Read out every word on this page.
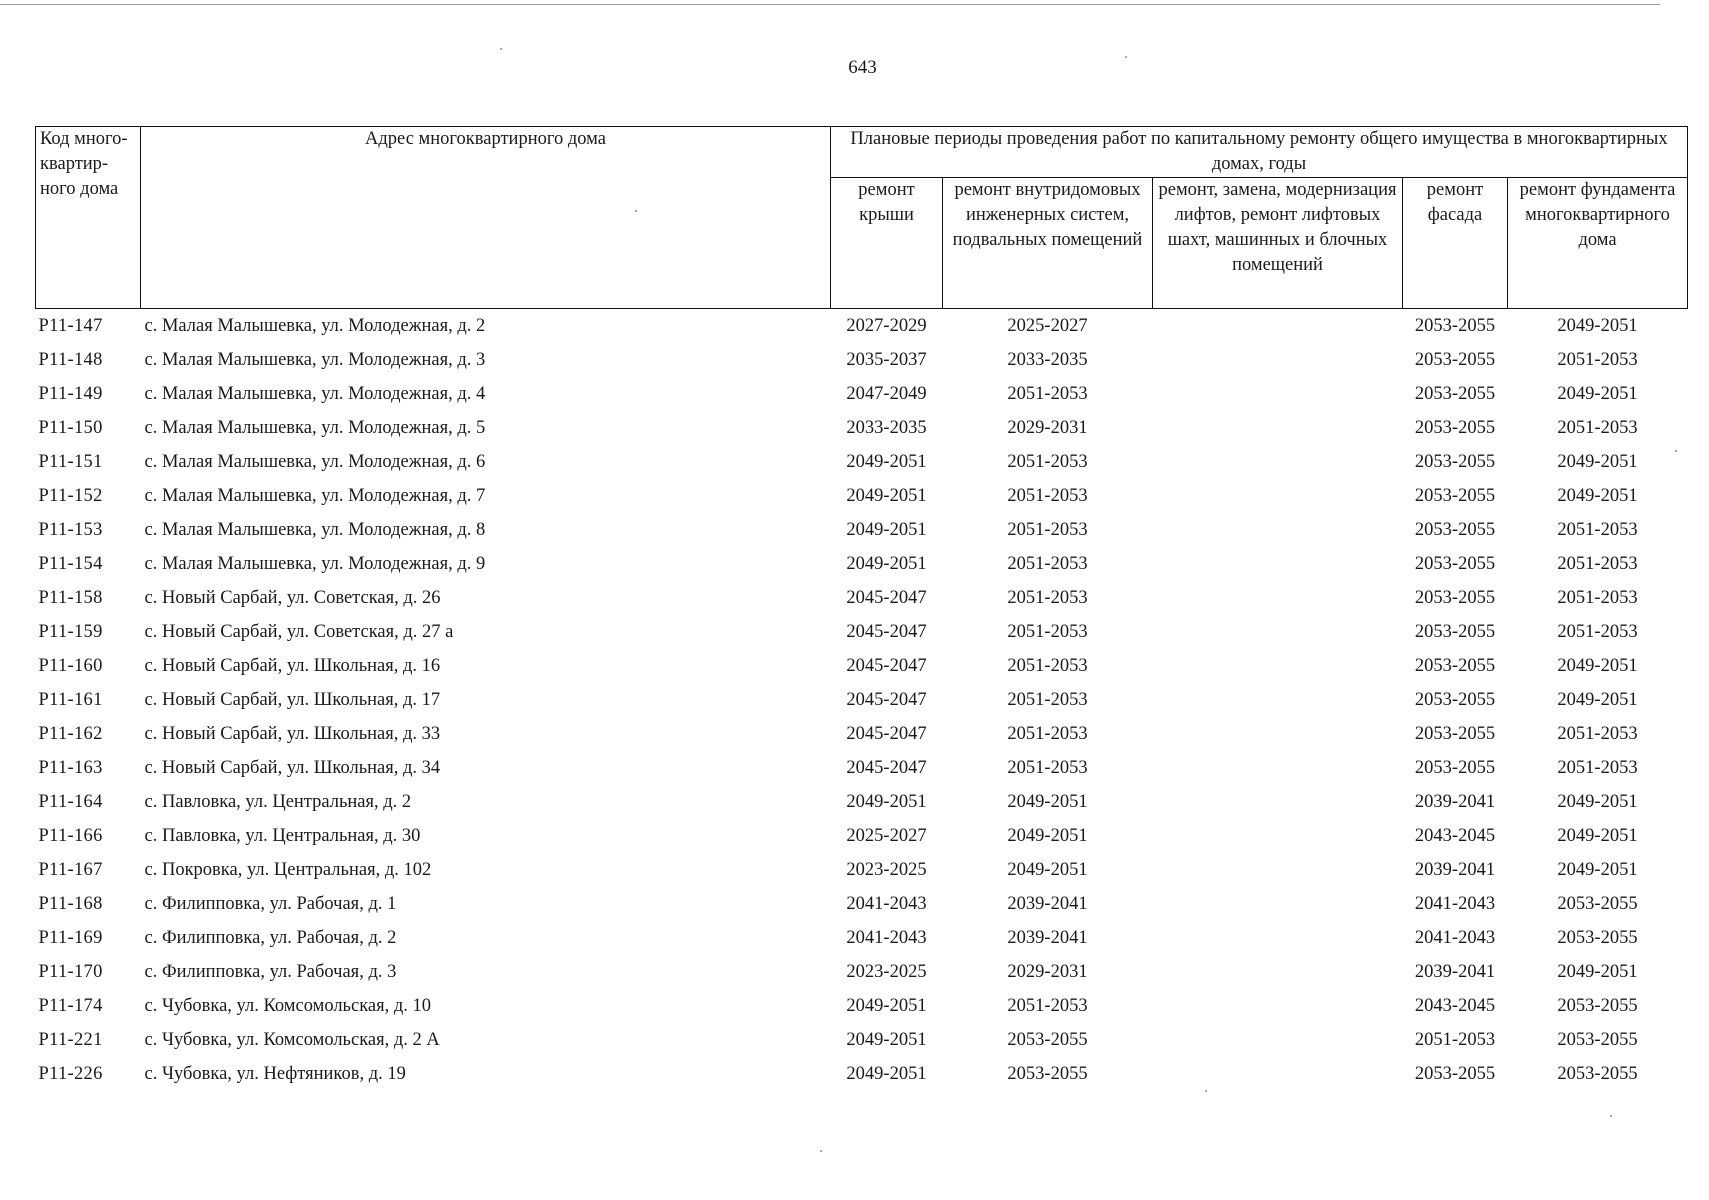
643
Код много-квартир-ного дома	Адрес многоквартирного дома	Плановые периоды проведения работ по капитальному ремонту общего имущества в многоквартирных домах, годы				
		ремонт крыши	ремонт внутридомовых инженерных систем, подвальных помещений	ремонт, замена, модернизация лифтов, ремонт лифтовых шахт, машинных и блочных помещений	ремонт фасада	ремонт фундамента многоквартирного дома
P11-147	с. Малая Малышевка, ул. Молодежная, д. 2	2027-2029	2025-2027		2053-2055	2049-2051
P11-148	с. Малая Малышевка, ул. Молодежная, д. 3	2035-2037	2033-2035		2053-2055	2051-2053
P11-149	с. Малая Малышевка, ул. Молодежная, д. 4	2047-2049	2051-2053		2053-2055	2049-2051
P11-150	с. Малая Малышевка, ул. Молодежная, д. 5	2033-2035	2029-2031		2053-2055	2051-2053
P11-151	с. Малая Малышевка, ул. Молодежная, д. 6	2049-2051	2051-2053		2053-2055	2049-2051
P11-152	с. Малая Малышевка, ул. Молодежная, д. 7	2049-2051	2051-2053		2053-2055	2049-2051
P11-153	с. Малая Малышевка, ул. Молодежная, д. 8	2049-2051	2051-2053		2053-2055	2051-2053
P11-154	с. Малая Малышевка, ул. Молодежная, д. 9	2049-2051	2051-2053		2053-2055	2051-2053
P11-158	с. Новый Сарбай, ул. Советская, д. 26	2045-2047	2051-2053		2053-2055	2051-2053
P11-159	с. Новый Сарбай, ул. Советская, д. 27 а	2045-2047	2051-2053		2053-2055	2051-2053
P11-160	с. Новый Сарбай, ул. Школьная, д. 16	2045-2047	2051-2053		2053-2055	2049-2051
P11-161	с. Новый Сарбай, ул. Школьная, д. 17	2045-2047	2051-2053		2053-2055	2049-2051
P11-162	с. Новый Сарбай, ул. Школьная, д. 33	2045-2047	2051-2053		2053-2055	2051-2053
P11-163	с. Новый Сарбай, ул. Школьная, д. 34	2045-2047	2051-2053		2053-2055	2051-2053
P11-164	с. Павловка, ул. Центральная, д. 2	2049-2051	2049-2051		2039-2041	2049-2051
P11-166	с. Павловка, ул. Центральная, д. 30	2025-2027	2049-2051		2043-2045	2049-2051
P11-167	с. Покровка, ул. Центральная, д. 102	2023-2025	2049-2051		2039-2041	2049-2051
P11-168	с. Филипповка, ул. Рабочая, д. 1	2041-2043	2039-2041		2041-2043	2053-2055
P11-169	с. Филипповка, ул. Рабочая, д. 2	2041-2043	2039-2041		2041-2043	2053-2055
P11-170	с. Филипповка, ул. Рабочая, д. 3	2023-2025	2029-2031		2039-2041	2049-2051
P11-174	с. Чубовка, ул. Комсомольская, д. 10	2049-2051	2051-2053		2043-2045	2053-2055
P11-221	с. Чубовка, ул. Комсомольская, д. 2 А	2049-2051	2053-2055		2051-2053	2053-2055
P11-226	с. Чубовка, ул. Нефтяников, д. 19	2049-2051	2053-2055		2053-2055	2053-2055
